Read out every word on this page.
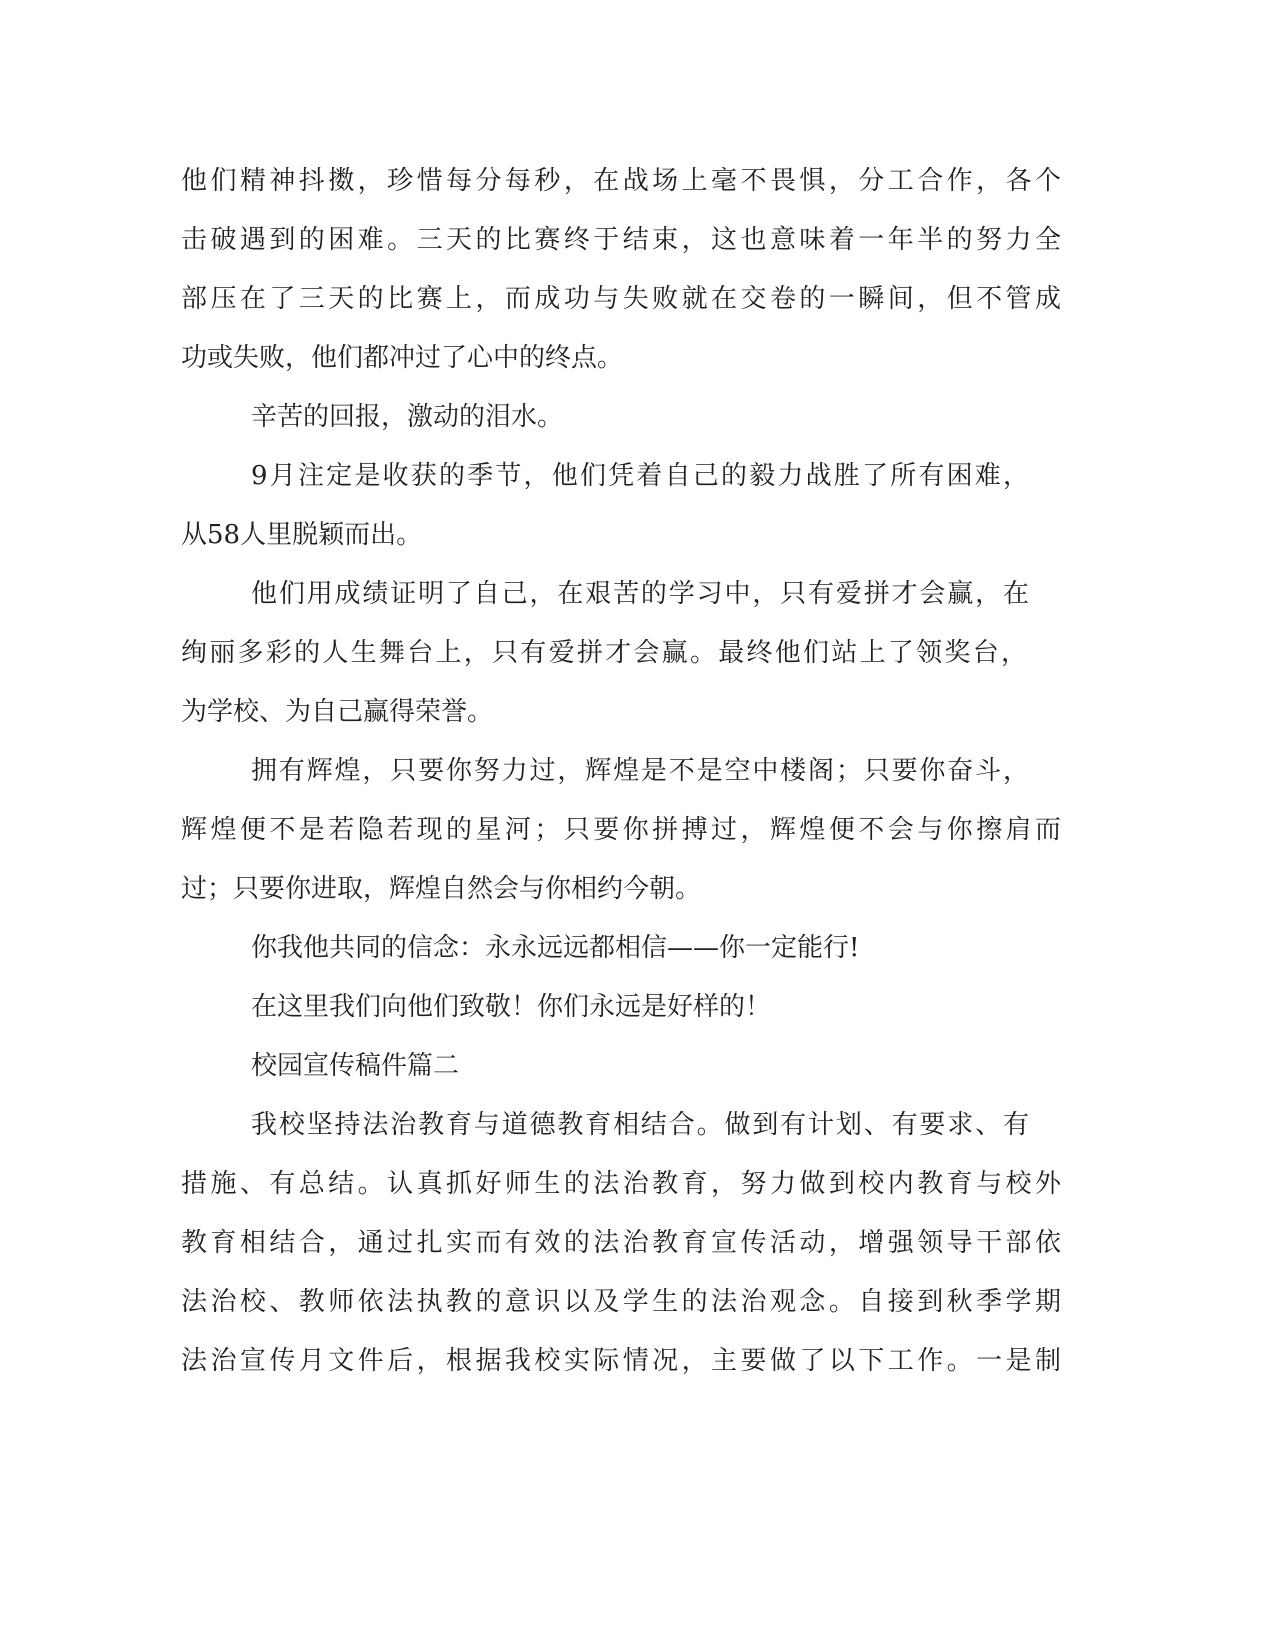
他们精神抖擞，珍惜每分每秒，在战场上毫不畏惧，分工合作，各个

击破遇到的困难。三天的比赛终于结束，这也意味着一年半的努力全

部压在了三天的比赛上，而成功与失败就在交卷的一瞬间，但不管成

功或失败，他们都冲过了心中的终点。

辛苦的回报，激动的泪水。

9月注定是收获的季节，他们凭着自己的毅力战胜了所有困难，

从58人里脱颖而出。

他们用成绩证明了自己，在艰苦的学习中，只有爱拼才会赢，在

绚丽多彩的人生舞台上，只有爱拼才会赢。最终他们站上了领奖台，

为学校、为自己赢得荣誉。

拥有辉煌，只要你努力过，辉煌是不是空中楼阁；只要你奋斗，

辉煌便不是若隐若现的星河；只要你拼搏过，辉煌便不会与你擦肩而

过；只要你进取，辉煌自然会与你相约今朝。

你我他共同的信念：永永远远都相信——你一定能行!

在这里我们向他们致敬！你们永远是好样的！

校园宣传稿件篇二

我校坚持法治教育与道德教育相结合。做到有计划、有要求、有

措施、有总结。认真抓好师生的法治教育，努力做到校内教育与校外

教育相结合，通过扎实而有效的法治教育宣传活动，增强领导干部依

法治校、教师依法执教的意识以及学生的法治观念。自接到秋季学期

法治宣传月文件后，根据我校实际情况，主要做了以下工作。一是制
